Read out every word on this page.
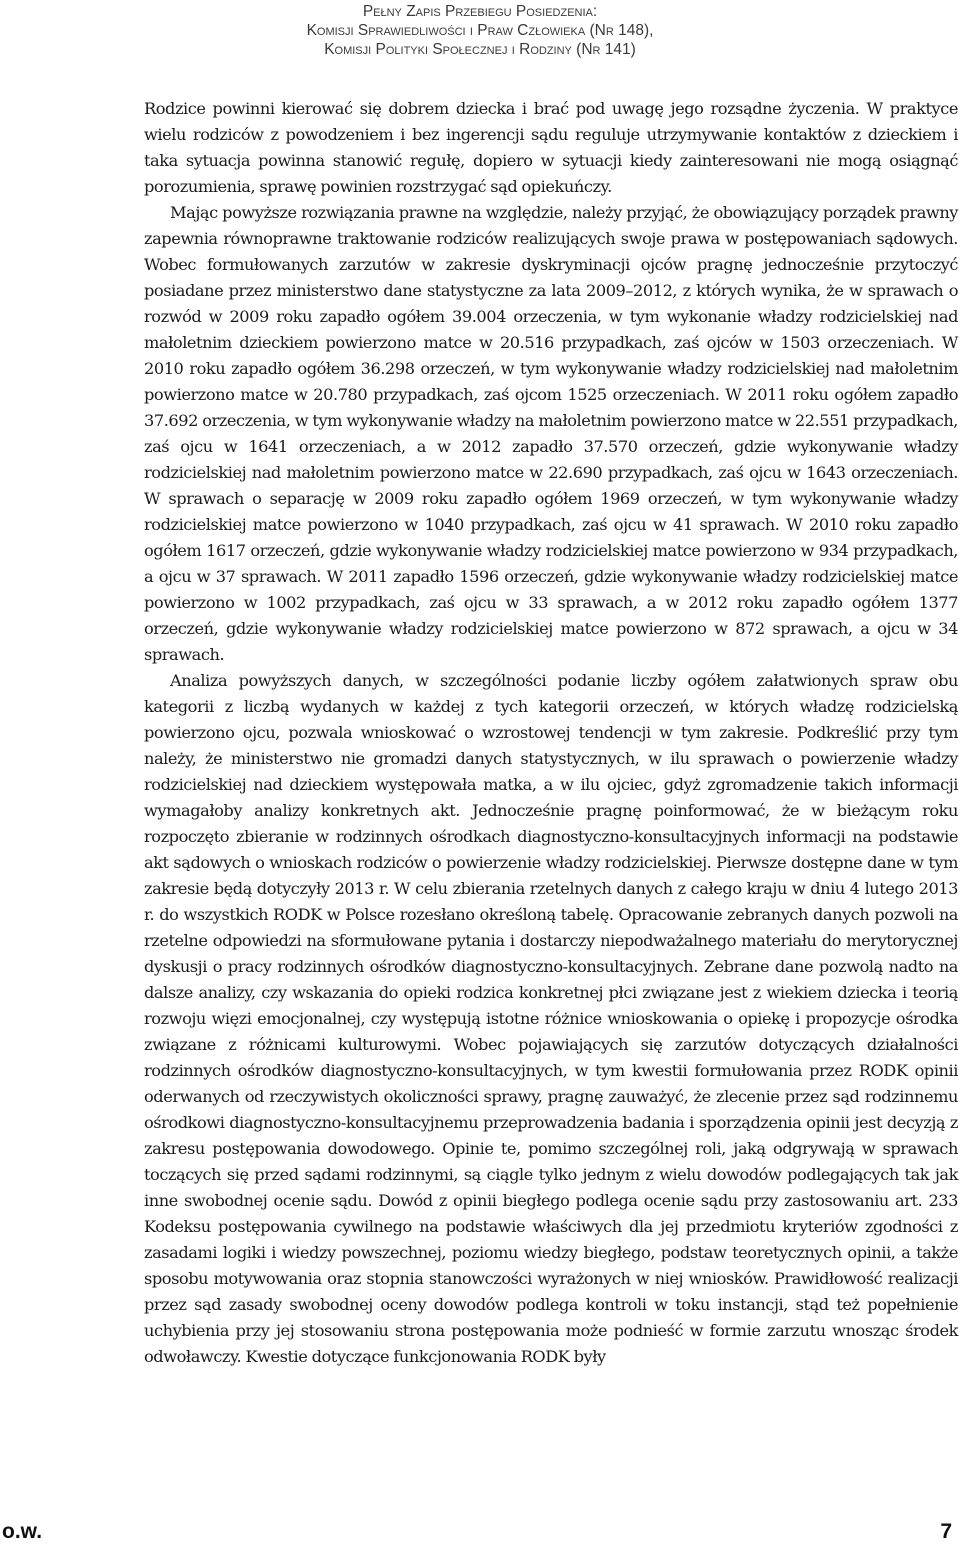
Pełny Zapis Przebiegu Posiedzenia:
Komisji Sprawiedliwości i Praw Człowieka (Nr 148),
Komisji Polityki Społecznej i Rodziny (Nr 141)

Rodzice powinni kierować się dobrem dziecka i brać pod uwagę jego rozsądne życzenia. W praktyce wielu rodziców z powodzeniem i bez ingerencji sądu reguluje utrzymywanie kontaktów z dzieckiem i taka sytuacja powinna stanowić regułę, dopiero w sytuacji kiedy zainteresowani nie mogą osiągnąć porozumienia, sprawę powinien rozstrzygać sąd opiekuńczy.

Mając powyższe rozwiązania prawne na względzie, należy przyjąć, że obowiązujący porządek prawny zapewnia równoprawne traktowanie rodziców realizujących swoje prawa w postępowaniach sądowych. Wobec formułowanych zarzutów w zakresie dyskryminacji ojców pragnę jednocześnie przytoczyć posiadane przez ministerstwo dane statystyczne za lata 2009–2012, z których wynika, że w sprawach o rozwód w 2009 roku zapadło ogółem 39.004 orzeczenia, w tym wykonanie władzy rodzicielskiej nad małoletnim dzieckiem powierzono matce w 20.516 przypadkach, zaś ojców w 1503 orzeczeniach. W 2010 roku zapadło ogółem 36.298 orzeczeń, w tym wykonywanie władzy rodzicielskiej nad małoletnim powierzono matce w 20.780 przypadkach, zaś ojcom 1525 orzeczeniach. W 2011 roku ogółem zapadło 37.692 orzeczenia, w tym wykonywanie władzy na małoletnim powierzono matce w 22.551 przypadkach, zaś ojcu w 1641 orzeczeniach, a w 2012 zapadło 37.570 orzeczeń, gdzie wykonywanie władzy rodzicielskiej nad małoletnim powierzono matce w 22.690 przypadkach, zaś ojcu w 1643 orzeczeniach. W sprawach o separację w 2009 roku zapadło ogółem 1969 orzeczeń, w tym wykonywanie władzy rodzicielskiej matce powierzono w 1040 przypadkach, zaś ojcu w 41 sprawach. W 2010 roku zapadło ogółem 1617 orzeczeń, gdzie wykonywanie władzy rodzicielskiej matce powierzono w 934 przypadkach, a ojcu w 37 sprawach. W 2011 zapadło 1596 orzeczeń, gdzie wykonywanie władzy rodzicielskiej matce powierzono w 1002 przypadkach, zaś ojcu w 33 sprawach, a w 2012 roku zapadło ogółem 1377 orzeczeń, gdzie wykonywanie władzy rodzicielskiej matce powierzono w 872 sprawach, a ojcu w 34 sprawach.

Analiza powyższych danych, w szczególności podanie liczby ogółem załatwionych spraw obu kategorii z liczbą wydanych w każdej z tych kategorii orzeczeń, w których władzę rodzicielską powierzono ojcu, pozwala wnioskować o wzrostowej tendencji w tym zakresie. Podkreślić przy tym należy, że ministerstwo nie gromadzi danych statystycznych, w ilu sprawach o powierzenie władzy rodzicielskiej nad dzieckiem występowała matka, a w ilu ojciec, gdyż zgromadzenie takich informacji wymagałoby analizy konkretnych akt. Jednocześnie pragnę poinformować, że w bieżącym roku rozpoczęto zbieranie w rodzinnych ośrodkach diagnostyczno-konsultacyjnych informacji na podstawie akt sądowych o wnioskach rodziców o powierzenie władzy rodzicielskiej. Pierwsze dostępne dane w tym zakresie będą dotyczyły 2013 r. W celu zbierania rzetelnych danych z całego kraju w dniu 4 lutego 2013 r. do wszystkich RODK w Polsce rozesłano określoną tabelę. Opracowanie zebranych danych pozwoli na rzetelne odpowiedzi na sformułowane pytania i dostarczy niepodważalnego materiału do merytorycznej dyskusji o pracy rodzinnych ośrodków diagnostyczno-konsultacyjnych. Zebrane dane pozwolą nadto na dalsze analizy, czy wskazania do opieki rodzica konkretnej płci związane jest z wiekiem dziecka i teorią rozwoju więzi emocjonalnej, czy występują istotne różnice wnioskowania o opiekę i propozycje ośrodka związane z różnicami kulturowymi. Wobec pojawiających się zarzutów dotyczących działalności rodzinnych ośrodków diagnostyczno-konsultacyjnych, w tym kwestii formułowania przez RODK opinii oderwanych od rzeczywistych okoliczności sprawy, pragnę zauważyć, że zlecenie przez sąd rodzinnemu ośrodkowi diagnostyczno-konsultacyjnemu przeprowadzenia badania i sporządzenia opinii jest decyzją z zakresu postępowania dowodowego. Opinie te, pomimo szczególnej roli, jaką odgrywają w sprawach toczących się przed sądami rodzinnymi, są ciągle tylko jednym z wielu dowodów podlegających tak jak inne swobodnej ocenie sądu. Dowód z opinii biegłego podlega ocenie sądu przy zastosowaniu art. 233 Kodeksu postępowania cywilnego na podstawie właściwych dla jej przedmiotu kryteriów zgodności z zasadami logiki i wiedzy powszechnej, poziomu wiedzy biegłego, podstaw teoretycznych opinii, a także sposobu motywowania oraz stopnia stanowczości wyrażonych w niej wniosków. Prawidłowość realizacji przez sąd zasady swobodnej oceny dowodów podlega kontroli w toku instancji, stąd też popełnienie uchybienia przy jej stosowaniu strona postępowania może podnieść w formie zarzutu wnosząc środek odwoławczy. Kwestie dotyczące funkcjonowania RODK były

o.w.	7
